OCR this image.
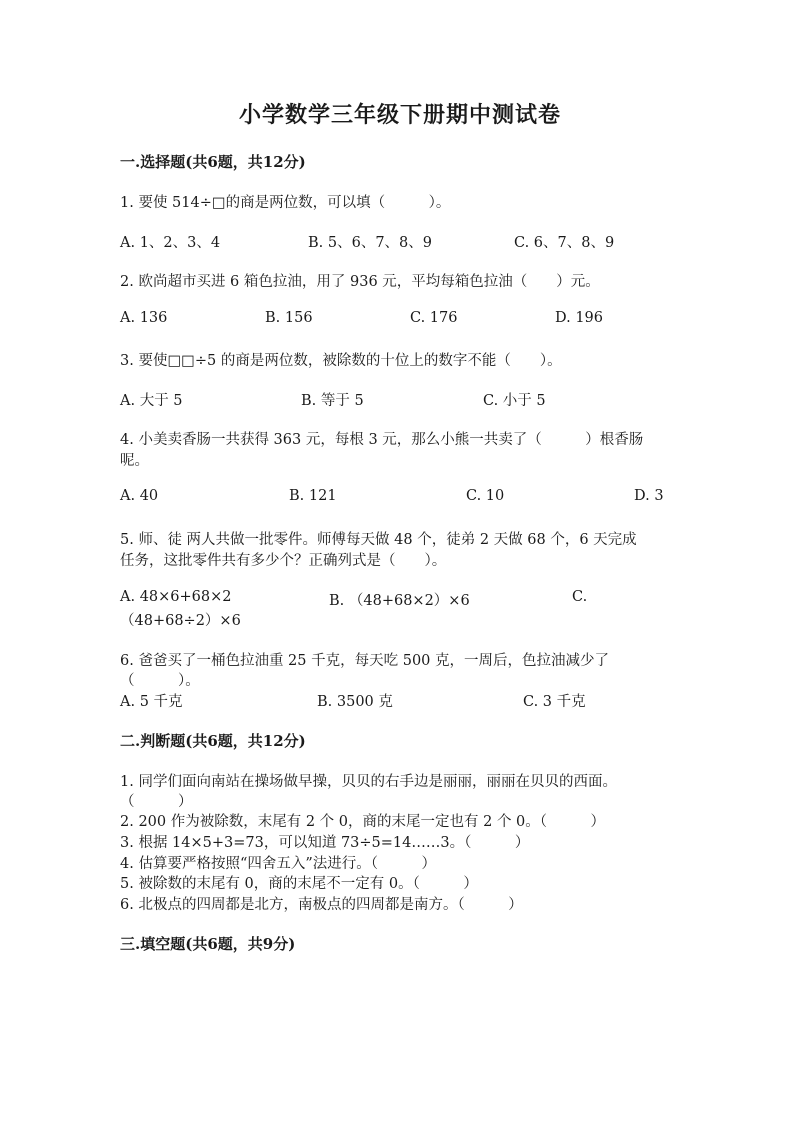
小学数学三年级下册期中测试卷
一.选择题(共6题，共12分)
1. 要使 514÷□的商是两位数，可以填（　　　）。
A. 1、2、3、4	B. 5、6、7、8、9	C. 6、7、8、9
2. 欧尚超市买进 6 箱色拉油，用了 936 元，平均每箱色拉油（　　）元。
A. 136	B. 156	C. 176	D. 196
3. 要使□□÷5 的商是两位数，被除数的十位上的数字不能（　　）。
A. 大于 5	B. 等于 5	C. 小于 5
4. 小美卖香肠一共获得 363 元，每根 3 元，那么小熊一共卖了（　　　）根香肠
呢。
A. 40	B. 121	C. 10	D. 3
5. 师、徒 两人共做一批零件。师傅每天做 48 个，徒弟 2 天做 68 个，6 天完成
任务，这批零件共有多少个？正确列式是（　　）。
A. 48×6+68×2	B. （48+68×2）×6	C.
（48+68÷2）×6
6. 爸爸买了一桶色拉油重 25 千克，每天吃 500 克，一周后，色拉油减少了
（　　　）。
A. 5 千克	B. 3500 克	C. 3 千克
二.判断题(共6题，共12分)
1. 同学们面向南站在操场做早操，贝贝的右手边是丽丽，丽丽在贝贝的西面。
（　　　）
2. 200 作为被除数，末尾有 2 个 0，商的末尾一定也有 2 个 0。（　　　）
3. 根据 14×5+3=73，可以知道 73÷5=14……3。（　　　）
4. 估算要严格按照“四舍五入”法进行。（　　　）
5. 被除数的末尾有 0，商的末尾不一定有 0。（　　　）
6. 北极点的四周都是北方，南极点的四周都是南方。（　　　）
三.填空题(共6题，共9分)
